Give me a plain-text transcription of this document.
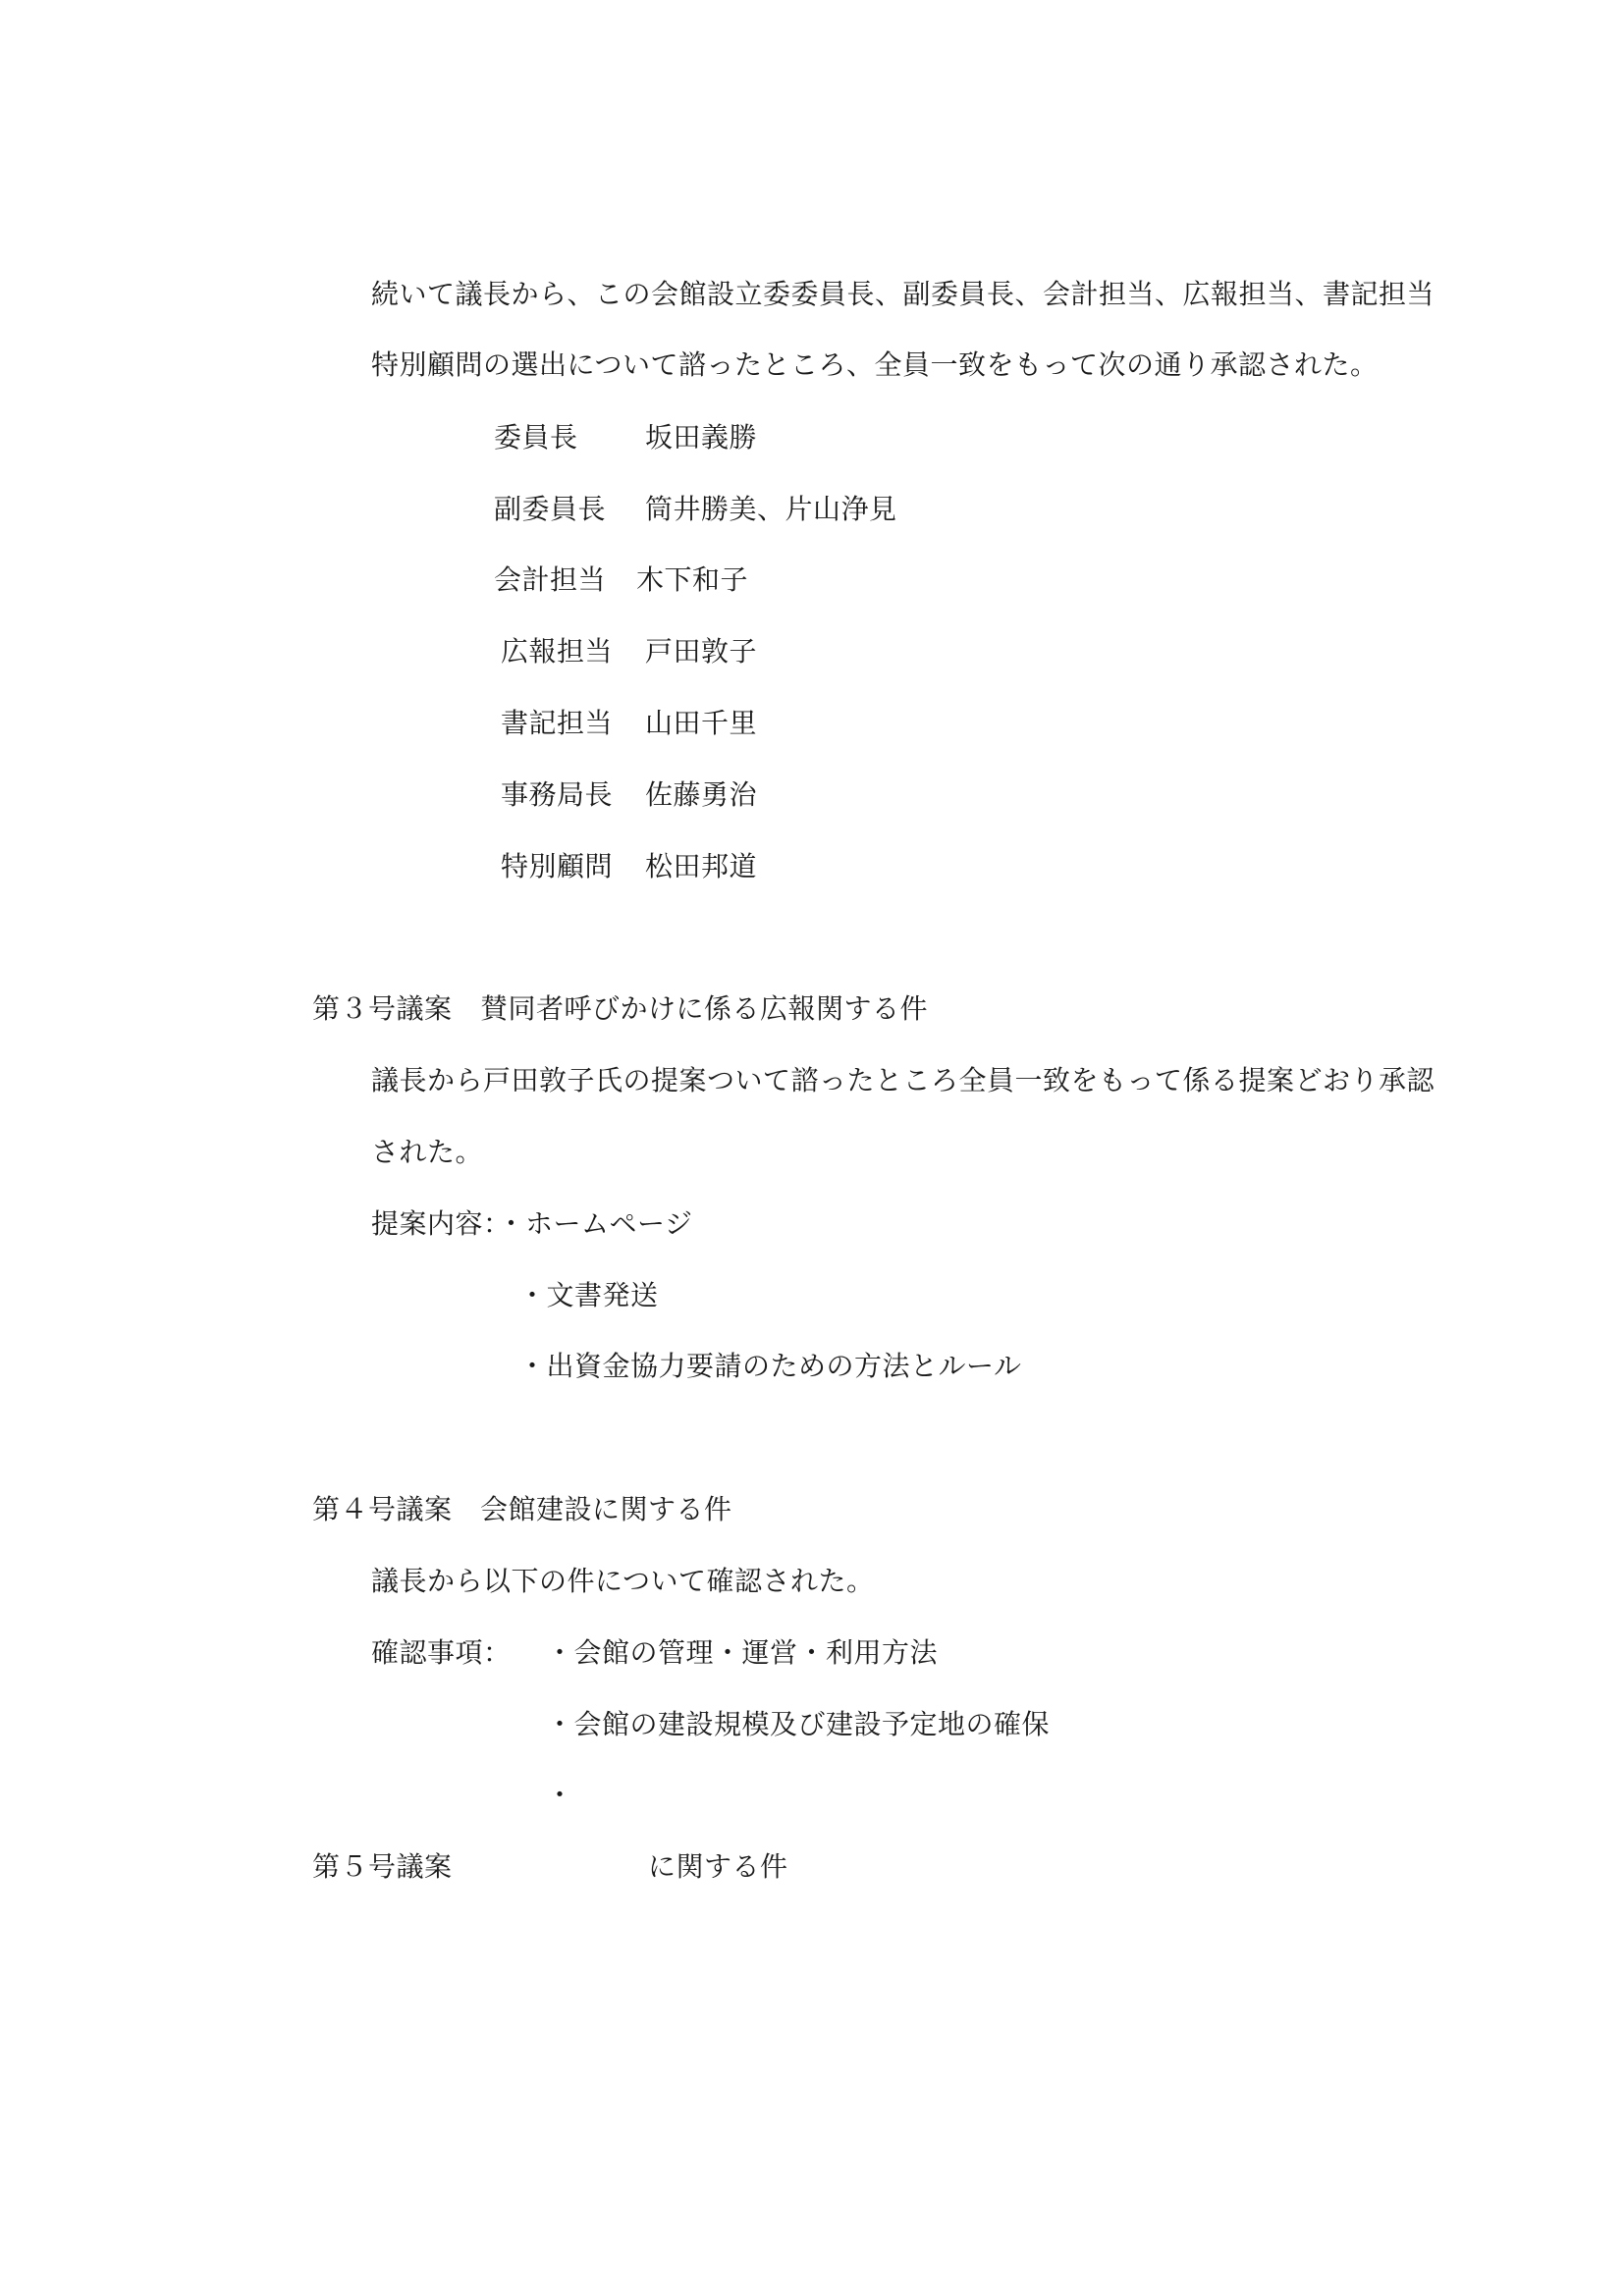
続いて議長から、この会館設立委委員長、副委員長、会計担当、広報担当、書記担当
特別顧問の選出について諮ったところ、全員一致をもって次の通り承認された。
委員長 坂田義勝
副委員長 筒井勝美、片山浄見
会計担当 木下和子
広報担当 戸田敦子
書記担当 山田千里
事務局長 佐藤勇治
特別顧問 松田邦道
第３号議案　賛同者呼びかけに係る広報関する件
議長から戸田敦子氏の提案ついて諮ったところ全員一致をもって係る提案どおり承認
された。
提案内容：・ホームページ
・文書発送
・出資金協力要請のための方法とルール
第４号議案　会館建設に関する件
議長から以下の件について確認された。
確認事項： ・会館の管理・運営・利用方法
・会館の建設規模及び建設予定地の確保
・
第５号議案	に関する件
